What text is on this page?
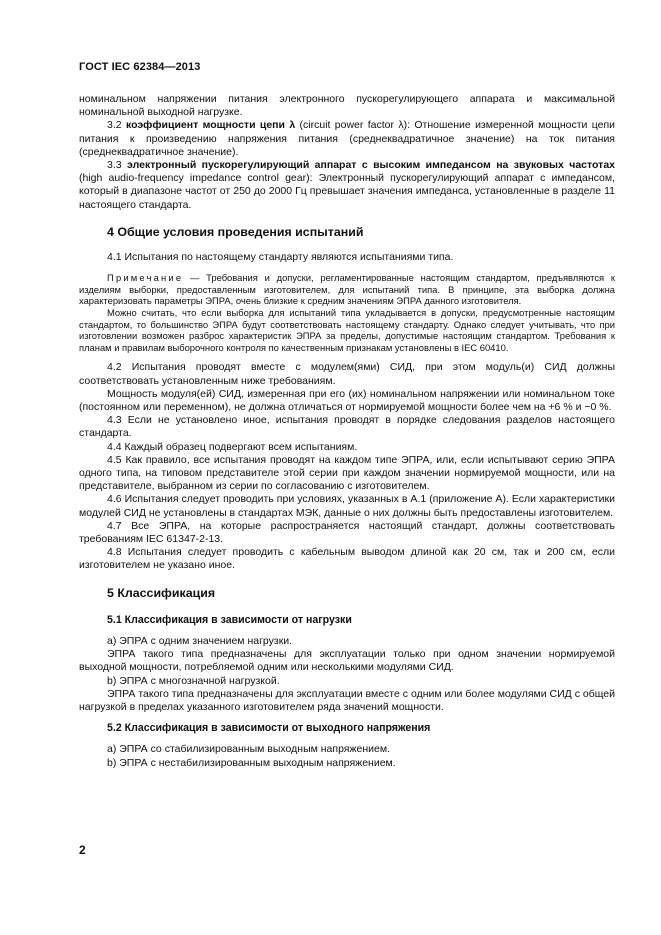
ГОСТ IEC 62384—2013

номинальном напряжении питания электронного пускорегулирующего аппарата и максимальной номинальной выходной нагрузке.

3.2 коэффициент мощности цепи λ (circuit power factor λ): Отношение измеренной мощности цепи питания к произведению напряжения питания (среднеквадратичное значение) на ток питания (среднеквадратичное значение).

3.3 электронный пускорегулирующий аппарат с высоким импедансом на звуковых частотах (high audio-frequency impedance control gear): Электронный пускорегулирующий аппарат с импедансом, который в диапазоне частот от 250 до 2000 Гц превышает значения импеданса, установленные в разделе 11 настоящего стандарта.

4 Общие условия проведения испытаний

4.1 Испытания по настоящему стандарту являются испытаниями типа.

Примечание — Требования и допуски, регламентированные настоящим стандартом, предъявляются к изделиям выборки, предоставленным изготовителем, для испытаний типа. В принципе, эта выборка должна характеризовать параметры ЭПРА, очень близкие к средним значениям ЭПРА данного изготовителя.

Можно считать, что если выборка для испытаний типа укладывается в допуски, предусмотренные настоящим стандартом, то большинство ЭПРА будут соответствовать настоящему стандарту. Однако следует учитывать, что при изготовлении возможен разброс характеристик ЭПРА за пределы, допустимые настоящим стандартом. Требования к планам и правилам выборочного контроля по качественным признакам установлены в IEC 60410.

4.2 Испытания проводят вместе с модулем(ями) СИД, при этом модуль(и) СИД должны соответствовать установленным ниже требованиям.

Мощность модуля(ей) СИД, измеренная при его (их) номинальном напряжении или номинальном токе (постоянном или переменном), не должна отличаться от нормируемой мощности более чем на +6 % и −0 %.

4.3 Если не установлено иное, испытания проводят в порядке следования разделов настоящего стандарта.

4.4 Каждый образец подвергают всем испытаниям.

4.5 Как правило, все испытания проводят на каждом типе ЭПРА, или, если испытывают серию ЭПРА одного типа, на типовом представителе этой серии при каждом значении нормируемой мощности, или на представителе, выбранном из серии по согласованию с изготовителем.

4.6 Испытания следует проводить при условиях, указанных в А.1 (приложение А). Если характеристики модулей СИД не установлены в стандартах МЭК, данные о них должны быть предоставлены изготовителем.

4.7 Все ЭПРА, на которые распространяется настоящий стандарт, должны соответствовать требованиям IEC 61347-2-13.

4.8 Испытания следует проводить с кабельным выводом длиной как 20 см, так и 200 см, если изготовителем не указано иное.

5 Классификация
5.1 Классификация в зависимости от нагрузки

a) ЭПРА с одним значением нагрузки.

ЭПРА такого типа предназначены для эксплуатации только при одном значении нормируемой выходной мощности, потребляемой одним или несколькими модулями СИД.

b) ЭПРА с многозначной нагрузкой.

ЭПРА такого типа предназначены для эксплуатации вместе с одним или более модулями СИД с общей нагрузкой в пределах указанного изготовителем ряда значений мощности.

5.2 Классификация в зависимости от выходного напряжения

a) ЭПРА со стабилизированным выходным напряжением.

b) ЭПРА с нестабилизированным выходным напряжением.

2
